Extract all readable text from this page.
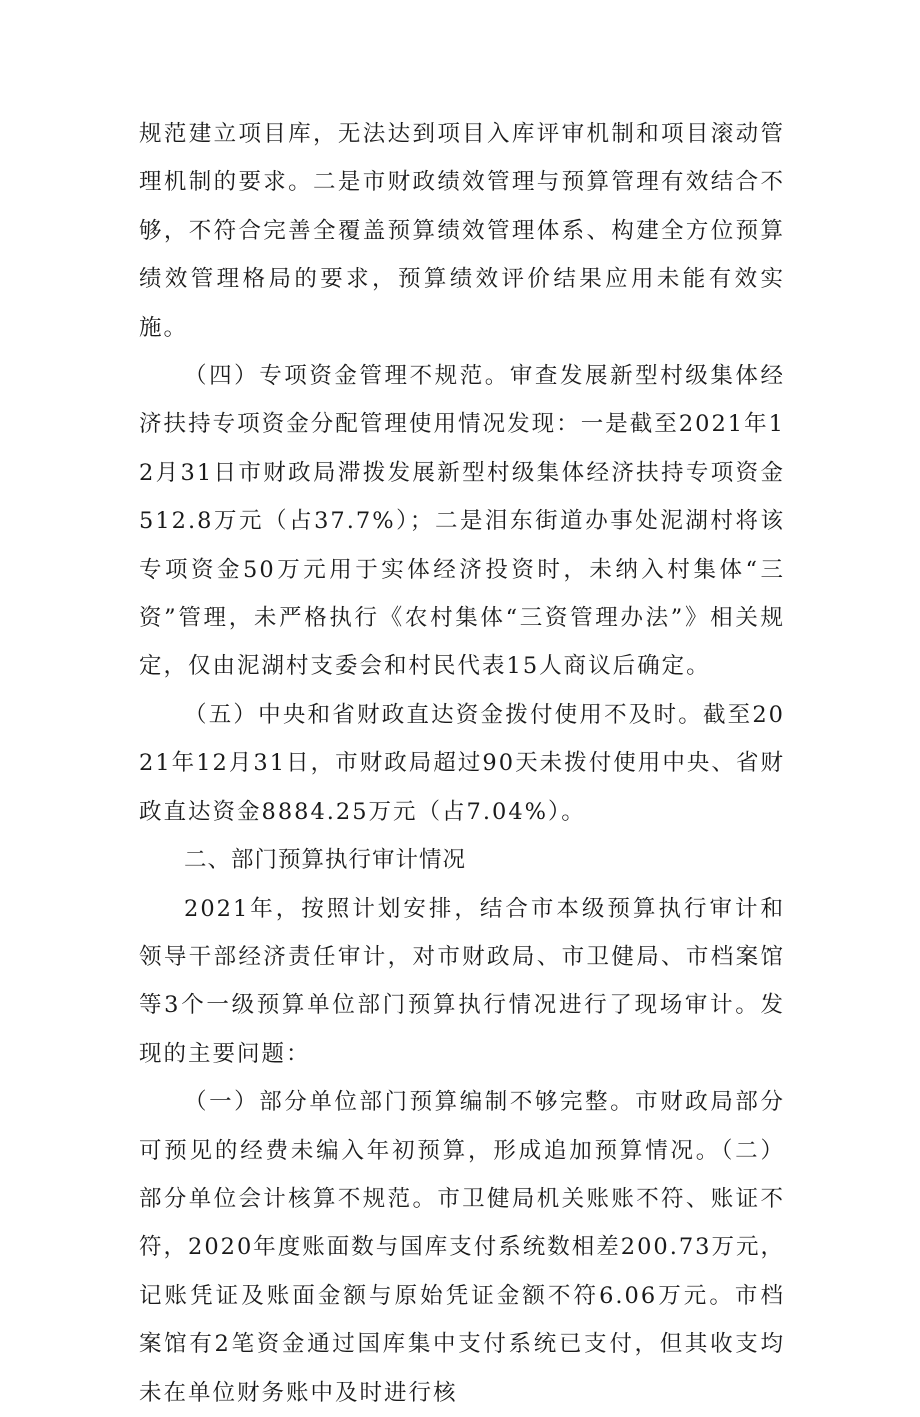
规范建立项目库，无法达到项目入库评审机制和项目滚动管理机制的要求。二是市财政绩效管理与预算管理有效结合不够，不符合完善全覆盖预算绩效管理体系、构建全方位预算绩效管理格局的要求，预算绩效评价结果应用未能有效实施。

（四）专项资金管理不规范。审查发展新型村级集体经济扶持专项资金分配管理使用情况发现：一是截至2021年12月31日市财政局滞拨发展新型村级集体经济扶持专项资金512.8万元（占37.7%）；二是泪东街道办事处泥湖村将该专项资金50万元用于实体经济投资时，未纳入村集体“三资”管理，未严格执行《农村集体“三资管理办法”》相关规定，仅由泥湖村支委会和村民代表15人商议后确定。

（五）中央和省财政直达资金拨付使用不及时。截至2021年12月31日，市财政局超过90天未拨付使用中央、省财政直达资金8884.25万元（占7.04%）。

二、部门预算执行审计情况

2021年，按照计划安排，结合市本级预算执行审计和领导干部经济责任审计，对市财政局、市卫健局、市档案馆等3个一级预算单位部门预算执行情况进行了现场审计。发现的主要问题：

（一）部分单位部门预算编制不够完整。市财政局部分可预见的经费未编入年初预算，形成追加预算情况。（二）部分单位会计核算不规范。市卫健局机关账账不符、账证不符，2020年度账面数与国库支付系统数相差200.73万元，记账凭证及账面金额与原始凭证金额不符6.06万元。市档案馆有2笔资金通过国库集中支付系统已支付，但其收支均未在单位财务账中及时进行核
